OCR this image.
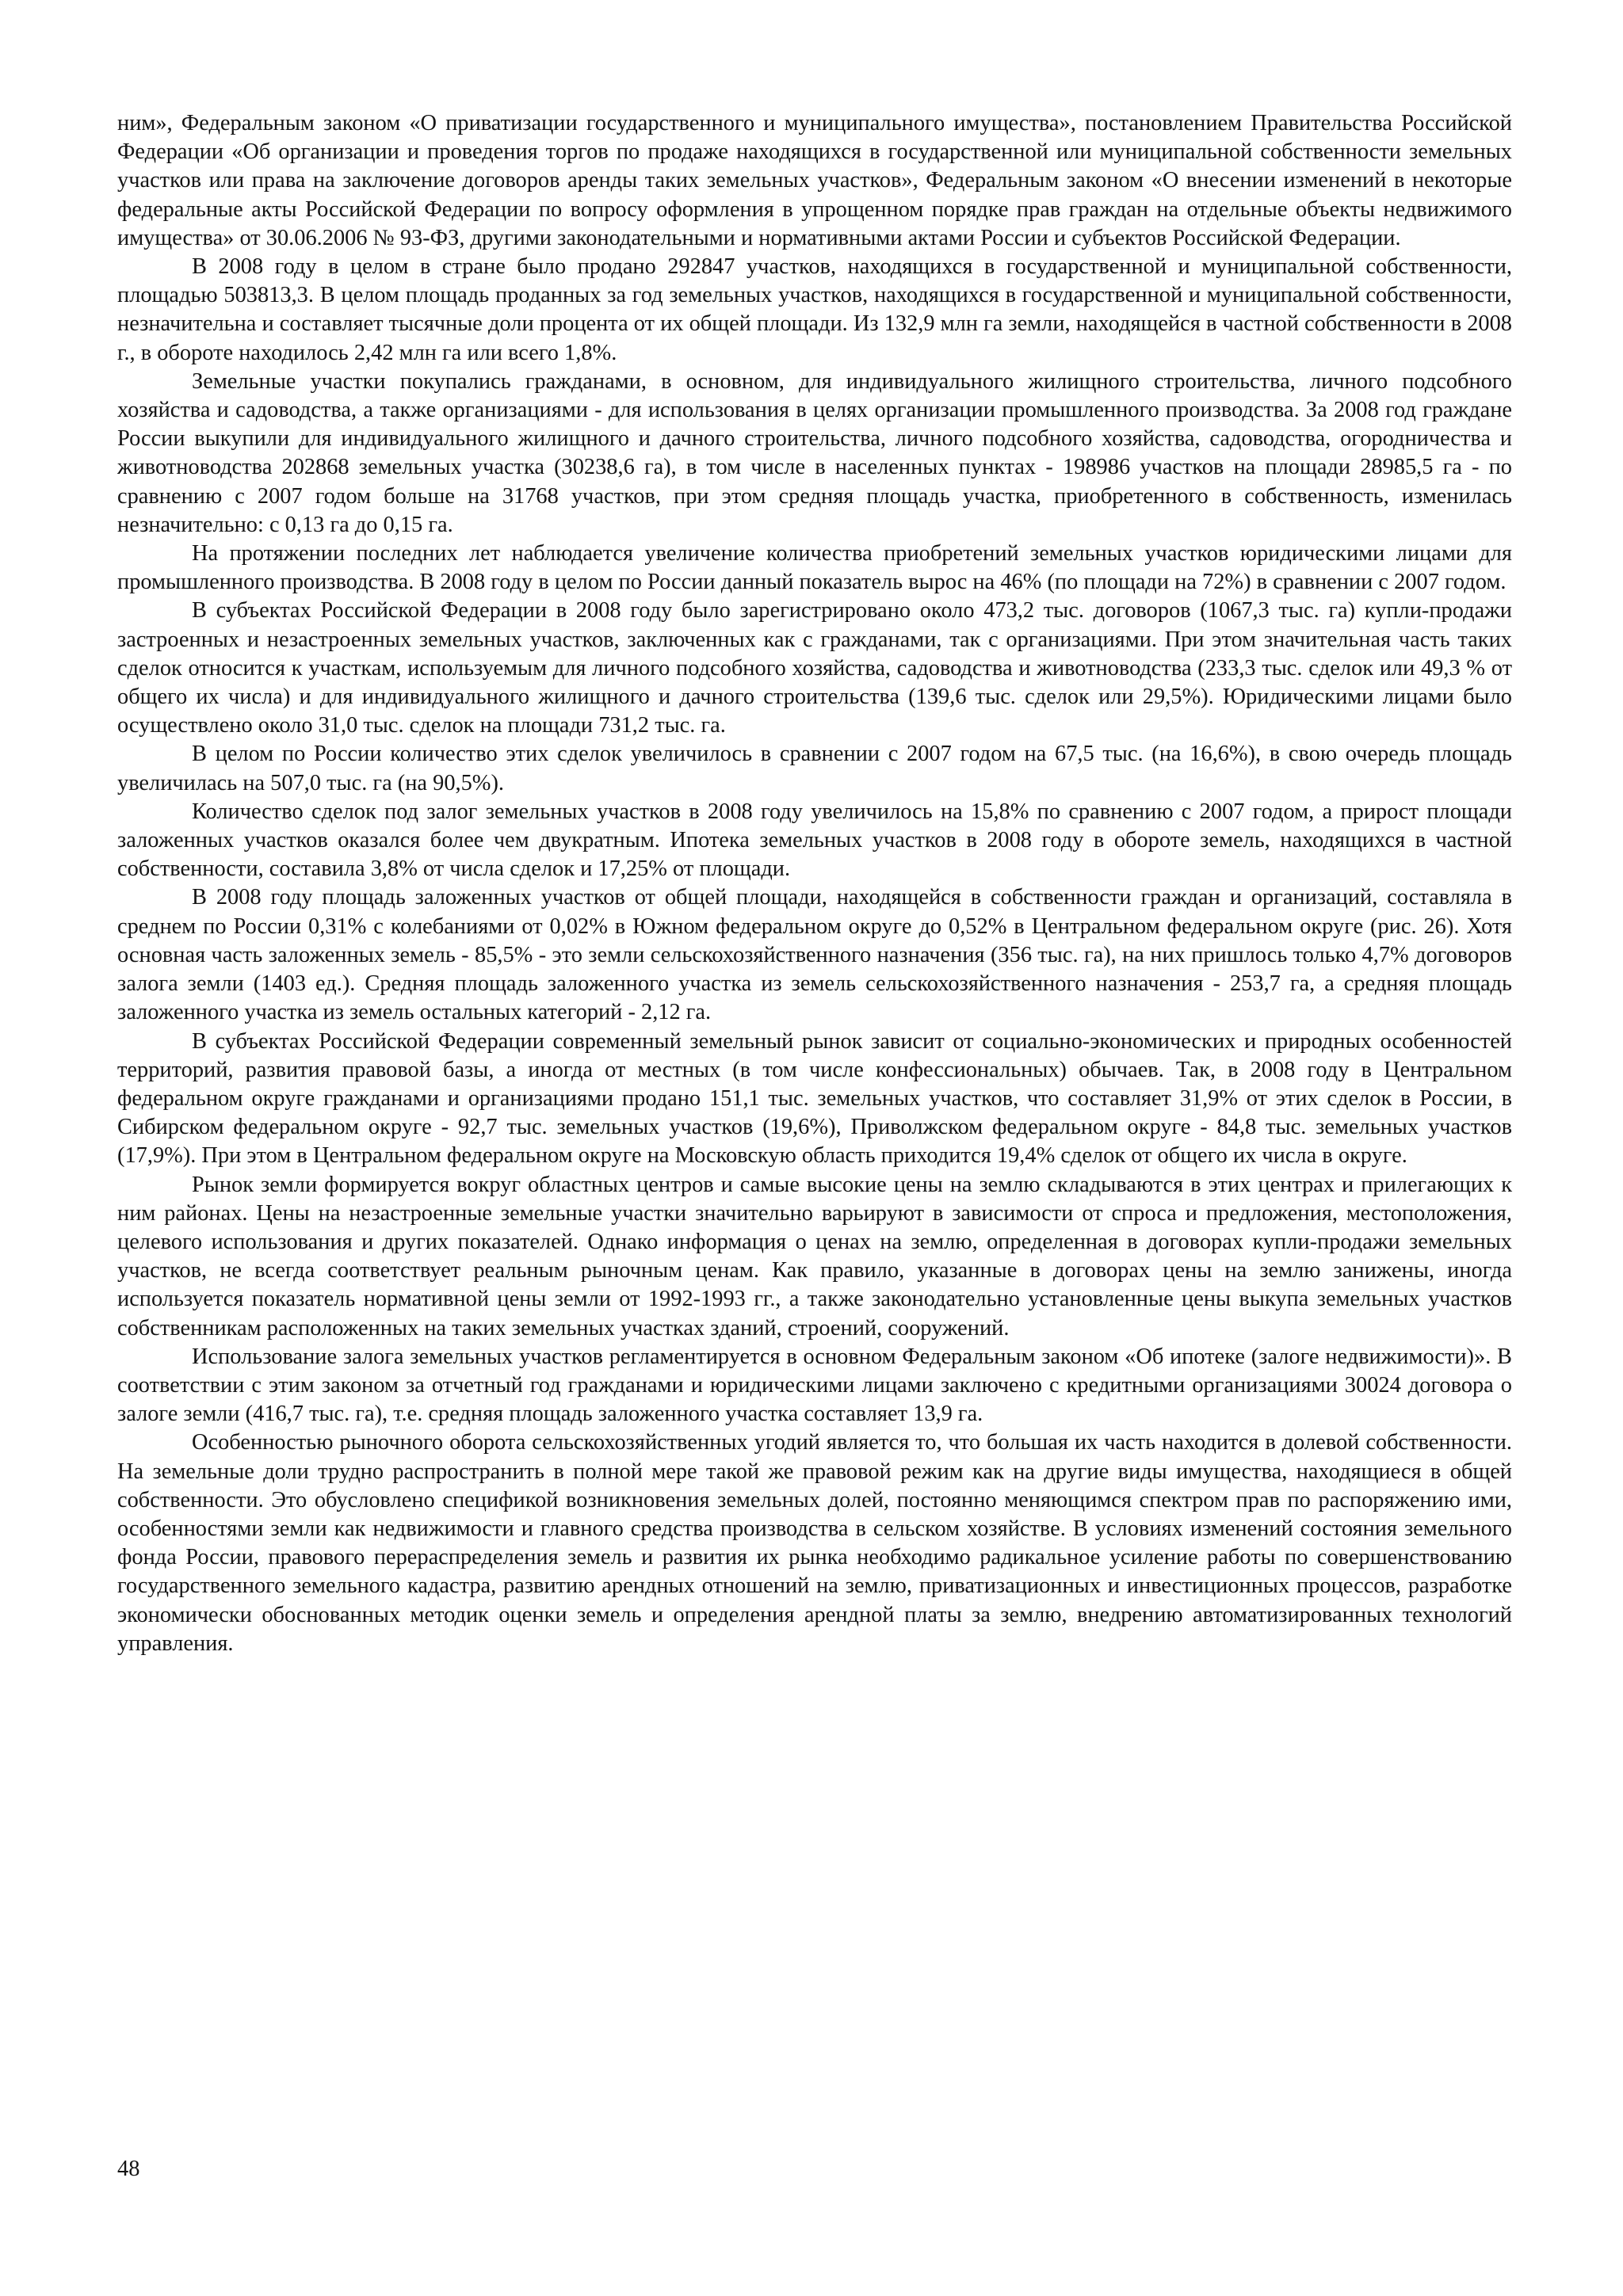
ним», Федеральным законом «О приватизации государственного и муниципального имущества», постановлением Правительства Российской Федерации «Об организации и проведения торгов по продаже находящихся в государственной или муниципальной собственности земельных участков или права на заключение договоров аренды таких земельных участков», Федеральным законом «О внесении изменений в некоторые федеральные акты Российской Федерации по вопросу оформления в упрощенном порядке прав граждан на отдельные объекты недвижимого имущества» от 30.06.2006 № 93-ФЗ, другими законодательными и нормативными актами России и субъектов Российской Федерации.

В 2008 году в целом в стране было продано 292847 участков, находящихся в государственной и муниципальной собственности, площадью 503813,3. В целом площадь проданных за год земельных участков, находящихся в государственной и муниципальной собственности, незначительна и составляет тысячные доли процента от их общей площади. Из 132,9 млн га земли, находящейся в частной собственности в 2008 г., в обороте находилось 2,42 млн га или всего 1,8%.

Земельные участки покупались гражданами, в основном, для индивидуального жилищного строительства, личного подсобного хозяйства и садоводства, а также организациями - для использования в целях организации промышленного производства. За 2008 год граждане России выкупили для индивидуального жилищного и дачного строительства, личного подсобного хозяйства, садоводства, огородничества и животноводства 202868 земельных участка (30238,6 га), в том числе в населенных пунктах - 198986 участков на площади 28985,5 га - по сравнению с 2007 годом больше на 31768 участков, при этом средняя площадь участка, приобретенного в собственность, изменилась незначительно: с 0,13 га до 0,15 га.

На протяжении последних лет наблюдается увеличение количества приобретений земельных участков юридическими лицами для промышленного производства. В 2008 году в целом по России данный показатель вырос на 46% (по площади на 72%) в сравнении с 2007 годом.

В субъектах Российской Федерации в 2008 году было зарегистрировано около 473,2 тыс. договоров (1067,3 тыс. га) купли-продажи застроенных и незастроенных земельных участков, заключенных как с гражданами, так с организациями. При этом значительная часть таких сделок относится к участкам, используемым для личного подсобного хозяйства, садоводства и животноводства (233,3 тыс. сделок или 49,3 % от общего их числа) и для индивидуального жилищного и дачного строительства (139,6 тыс. сделок или 29,5%). Юридическими лицами было осуществлено около 31,0 тыс. сделок на площади 731,2 тыс. га.

В целом по России количество этих сделок увеличилось в сравнении с 2007 годом на 67,5 тыс. (на 16,6%), в свою очередь площадь увеличилась на 507,0 тыс. га (на 90,5%).

Количество сделок под залог земельных участков в 2008 году увеличилось на 15,8% по сравнению с 2007 годом, а прирост площади заложенных участков оказался более чем двукратным. Ипотека земельных участков в 2008 году в обороте земель, находящихся в частной собственности, составила 3,8% от числа сделок и 17,25% от площади.

В 2008 году площадь заложенных участков от общей площади, находящейся в собственности граждан и организаций, составляла в среднем по России 0,31% с колебаниями от 0,02% в Южном федеральном округе до 0,52% в Центральном федеральном округе (рис. 26). Хотя основная часть заложенных земель - 85,5% - это земли сельскохозяйственного назначения (356 тыс. га), на них пришлось только 4,7% договоров залога земли (1403 ед.). Средняя площадь заложенного участка из земель сельскохозяйственного назначения - 253,7 га, а средняя площадь заложенного участка из земель остальных категорий - 2,12 га.

В субъектах Российской Федерации современный земельный рынок зависит от социально-экономических и природных особенностей территорий, развития правовой базы, а иногда от местных (в том числе конфессиональных) обычаев. Так, в 2008 году в Центральном федеральном округе гражданами и организациями продано 151,1 тыс. земельных участков, что составляет 31,9% от этих сделок в России, в Сибирском федеральном округе - 92,7 тыс. земельных участков (19,6%), Приволжском федеральном округе - 84,8 тыс. земельных участков (17,9%). При этом в Центральном федеральном округе на Московскую область приходится 19,4% сделок от общего их числа в округе.

Рынок земли формируется вокруг областных центров и самые высокие цены на землю складываются в этих центрах и прилегающих к ним районах. Цены на незастроенные земельные участки значительно варьируют в зависимости от спроса и предложения, местоположения, целевого использования и других показателей. Однако информация о ценах на землю, определенная в договорах купли-продажи земельных участков, не всегда соответствует реальным рыночным ценам. Как правило, указанные в договорах цены на землю занижены, иногда используется показатель нормативной цены земли от 1992-1993 гг., а также законодательно установленные цены выкупа земельных участков собственникам расположенных на таких земельных участках зданий, строений, сооружений.

Использование залога земельных участков регламентируется в основном Федеральным законом «Об ипотеке (залоге недвижимости)». В соответствии с этим законом за отчетный год гражданами и юридическими лицами заключено с кредитными организациями 30024 договора о залоге земли (416,7 тыс. га), т.е. средняя площадь заложенного участка составляет 13,9 га.

Особенностью рыночного оборота сельскохозяйственных угодий является то, что большая их часть находится в долевой собственности. На земельные доли трудно распространить в полной мере такой же правовой режим как на другие виды имущества, находящиеся в общей собственности. Это обусловлено спецификой возникновения земельных долей, постоянно меняющимся спектром прав по распоряжению ими, особенностями земли как недвижимости и главного средства производства в сельском хозяйстве. В условиях изменений состояния земельного фонда России, правового перераспределения земель и развития их рынка необходимо радикальное усиление работы по совершенствованию государственного земельного кадастра, развитию арендных отношений на землю, приватизационных и инвестиционных процессов, разработке экономически обоснованных методик оценки земель и определения арендной платы за землю, внедрению автоматизированных технологий управления.

48
